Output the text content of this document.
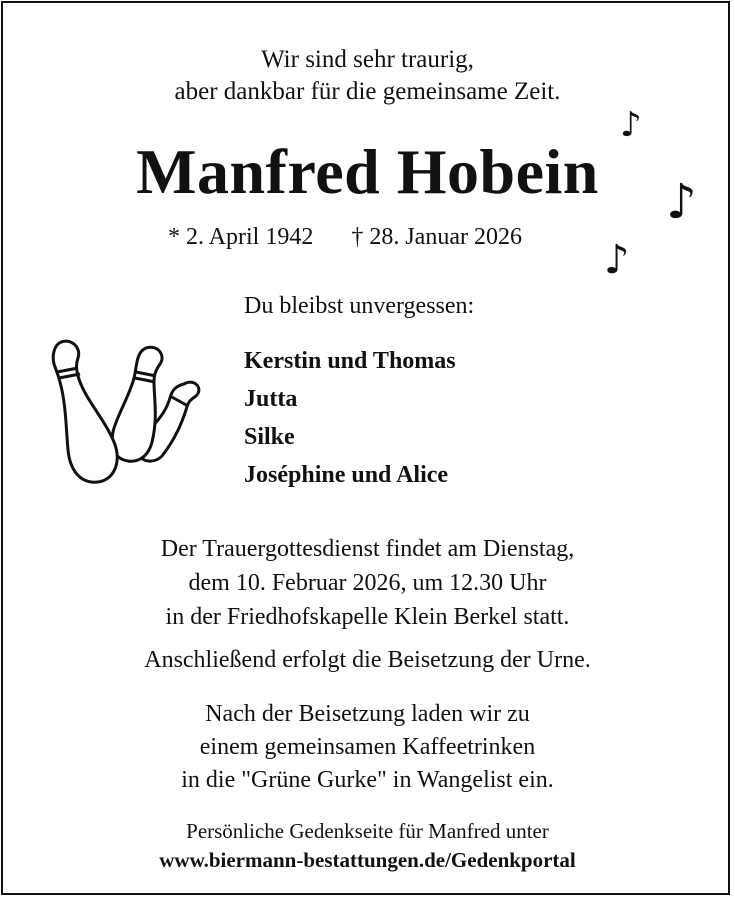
Wir sind sehr traurig,
aber dankbar für die gemeinsame Zeit.
Manfred Hobein
* 2. April 1942 † 28. Januar 2026
♪
♪
♪
Du bleibst unvergessen:
Kerstin und Thomas
Jutta
Silke
Joséphine und Alice
Der Trauergottesdienst findet am Dienstag,
dem 10. Februar 2026, um 12.30 Uhr
in der Friedhofskapelle Klein Berkel statt.
Anschließend erfolgt die Beisetzung der Urne.
Nach der Beisetzung laden wir zu
einem gemeinsamen Kaffeetrinken
in die "Grüne Gurke" in Wangelist ein.
Persönliche Gedenkseite für Manfred unter
www.biermann-bestattungen.de/Gedenkportal
